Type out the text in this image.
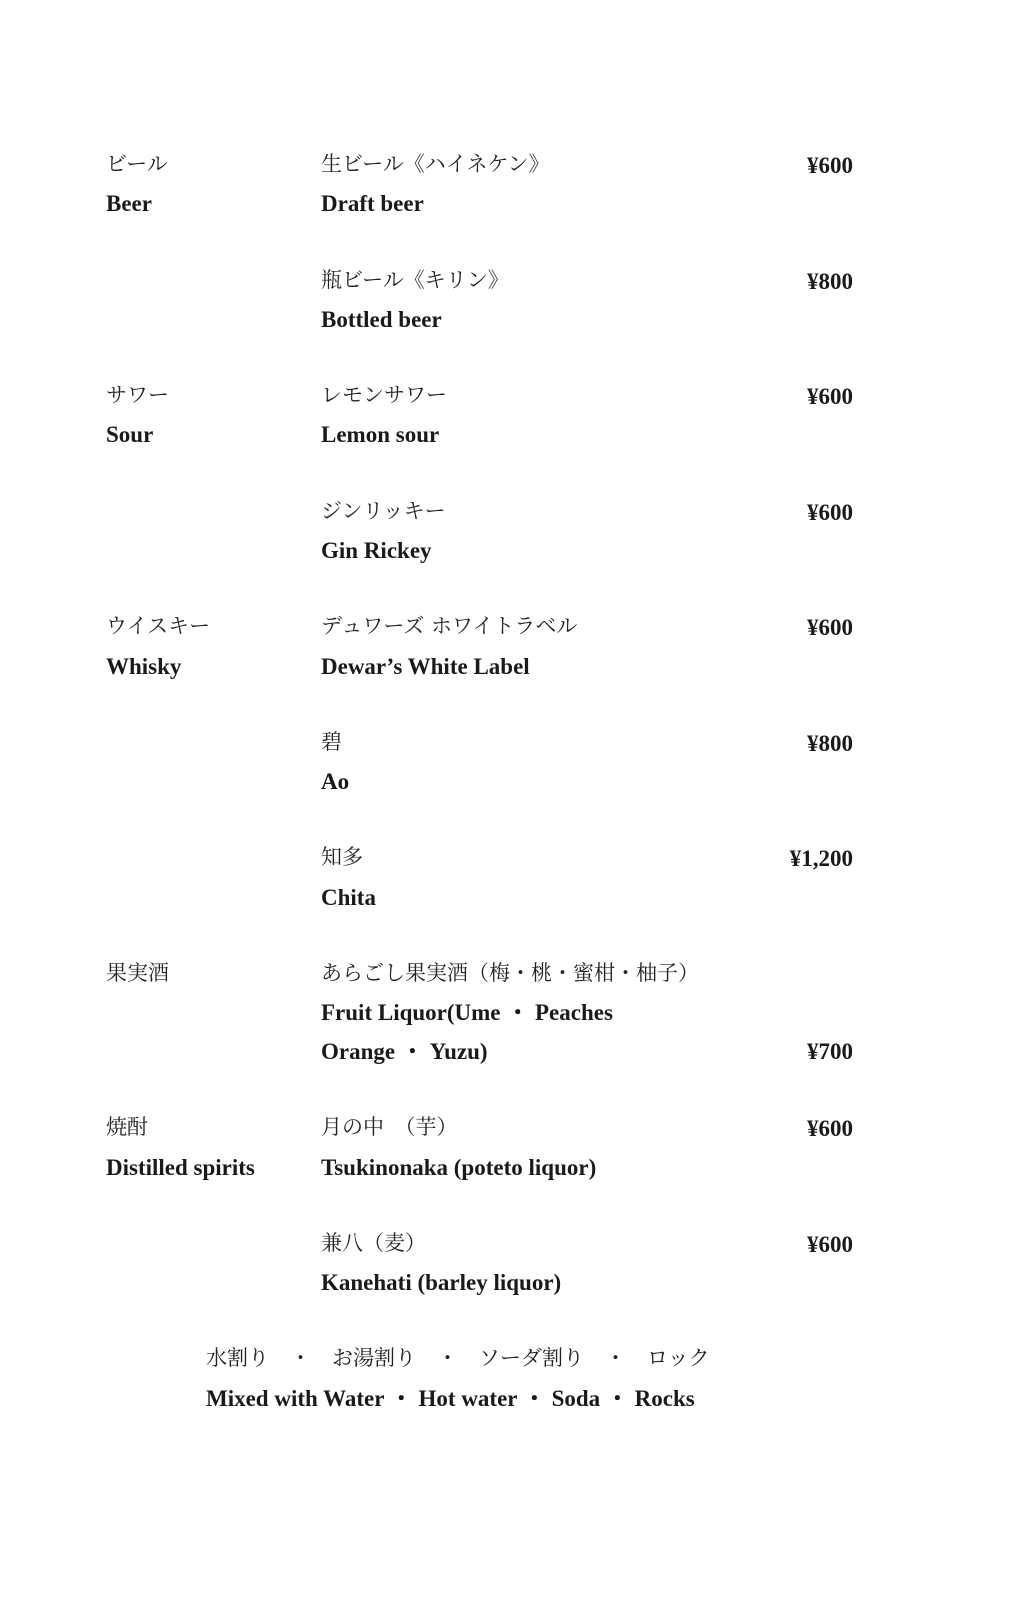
ビール
Beer
生ビール《ハイネケン》
Draft beer
¥600
瓶ビール《キリン》
Bottled beer
¥800
サワー
Sour
レモンサワー
Lemon sour
¥600
ジンリッキー
Gin Rickey
¥600
ウイスキー
Whisky
デュワーズ ホワイトラベル
Dewar’s White Label
¥600
碧
Ao
¥800
知多
Chita
¥1,200
果実酒	あらごし果実酒（梅・桃・蜜柑・柚子）
Fruit Liquor(Ume ・ Peaches
Orange ・ Yuzu)	¥700
焼酎
Distilled spirits
月の中　（芋）
Tsukinonaka (poteto liquor)
¥600
兼八（麦）
Kanehati (barley liquor)
¥600
水割り　・　お湯割り　・　ソーダ割り　・　ロック
Mixed with Water ・ Hot water ・ Soda ・ Rocks
